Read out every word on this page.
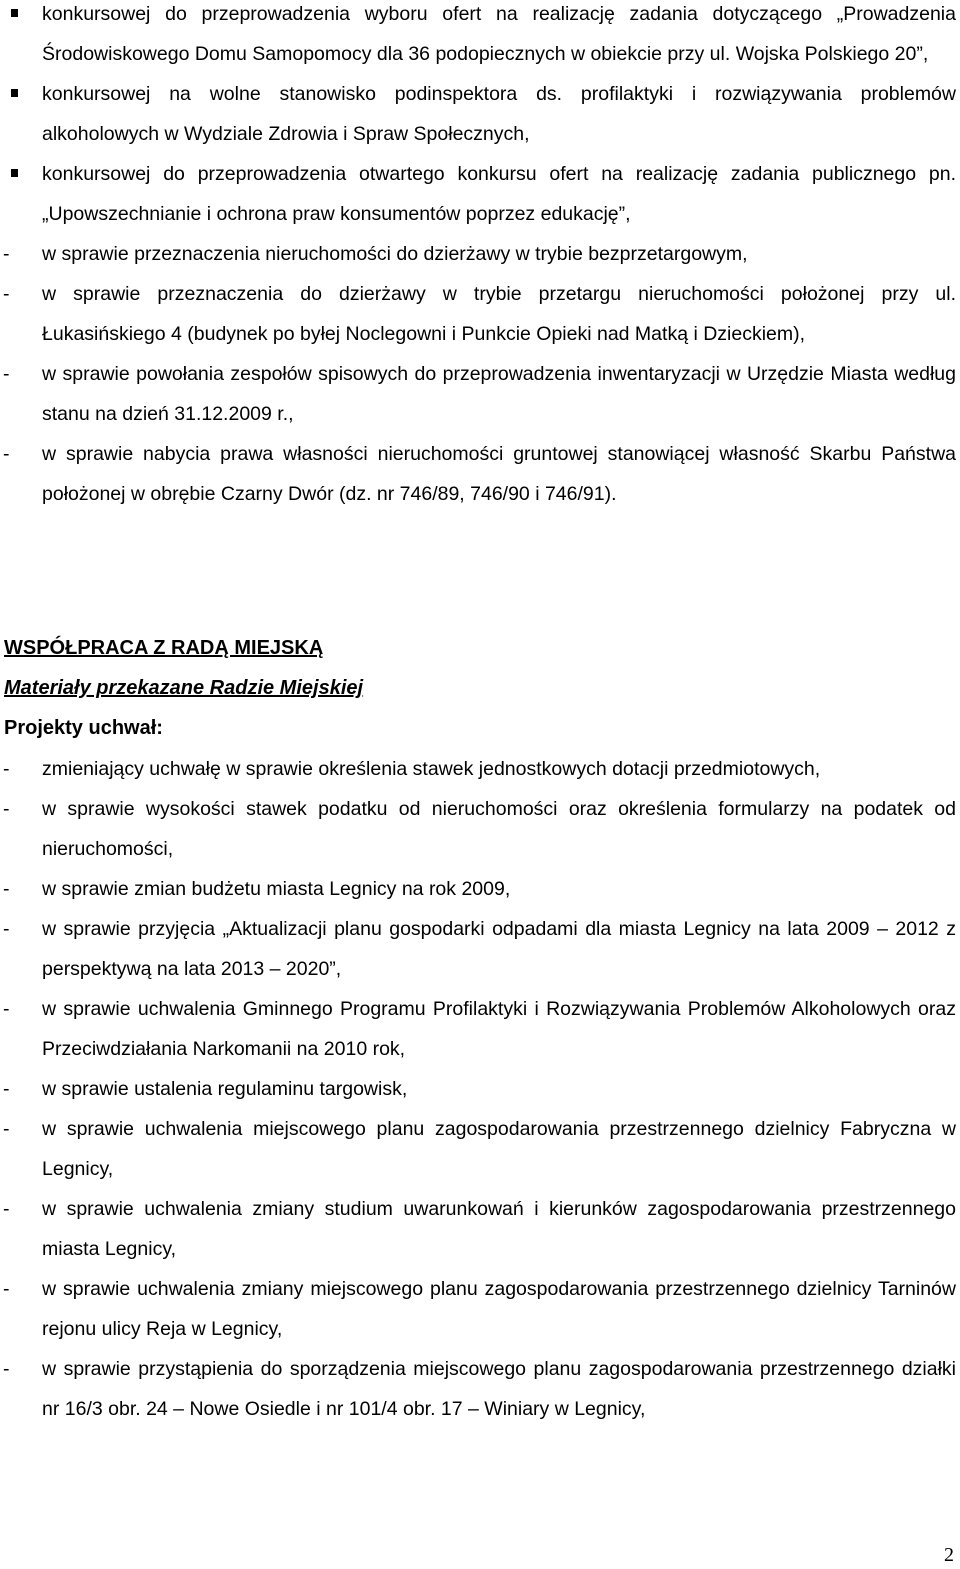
konkursowej do przeprowadzenia wyboru ofert na realizację zadania dotyczącego „Prowadzenia Środowiskowego Domu Samopomocy dla 36 podopiecznych w obiekcie przy ul. Wojska Polskiego 20”,
konkursowej na wolne stanowisko podinspektora ds. profilaktyki i rozwiązywania problemów alkoholowych w Wydziale Zdrowia i Spraw Społecznych,
konkursowej do przeprowadzenia otwartego konkursu ofert na realizację zadania publicznego pn. „Upowszechnianie i ochrona praw konsumentów poprzez edukację”,
-
w sprawie przeznaczenia nieruchomości do dzierżawy w trybie bezprzetargowym,
-
w sprawie przeznaczenia do dzierżawy w trybie przetargu nieruchomości położonej przy ul. Łukasińskiego 4 (budynek po byłej Noclegowni i Punkcie Opieki nad Matką i Dzieckiem),
-
w sprawie powołania zespołów spisowych do przeprowadzenia inwentaryzacji w Urzędzie Miasta według stanu na dzień 31.12.2009 r.,
-
w sprawie nabycia prawa własności nieruchomości gruntowej stanowiącej własność Skarbu Państwa położonej w obrębie Czarny Dwór (dz. nr 746/89, 746/90 i 746/91).
WSPÓŁPRACA Z RADĄ MIEJSKĄ
Materiały przekazane Radzie Miejskiej
Projekty uchwał:
-
zmieniający uchwałę w sprawie określenia stawek jednostkowych dotacji przedmiotowych,
-
w sprawie wysokości stawek podatku od nieruchomości oraz określenia formularzy na podatek od nieruchomości,
-
w sprawie zmian budżetu miasta Legnicy na rok 2009,
-
w sprawie przyjęcia „Aktualizacji planu gospodarki odpadami dla miasta Legnicy na lata 2009 – 2012 z perspektywą na lata 2013 – 2020”,
-
w sprawie uchwalenia Gminnego Programu Profilaktyki i Rozwiązywania Problemów Alkoholowych oraz Przeciwdziałania Narkomanii na 2010 rok,
-
w sprawie ustalenia regulaminu targowisk,
-
w sprawie uchwalenia miejscowego planu zagospodarowania przestrzennego dzielnicy Fabryczna w Legnicy,
-
w sprawie uchwalenia zmiany studium uwarunkowań i kierunków zagospodarowania przestrzennego miasta Legnicy,
-
w sprawie uchwalenia zmiany miejscowego planu zagospodarowania przestrzennego dzielnicy Tarninów rejonu ulicy Reja w Legnicy,
-
w sprawie przystąpienia do sporządzenia miejscowego planu zagospodarowania przestrzennego działki nr 16/3 obr. 24 – Nowe Osiedle i nr 101/4 obr. 17 – Winiary w Legnicy,
2
